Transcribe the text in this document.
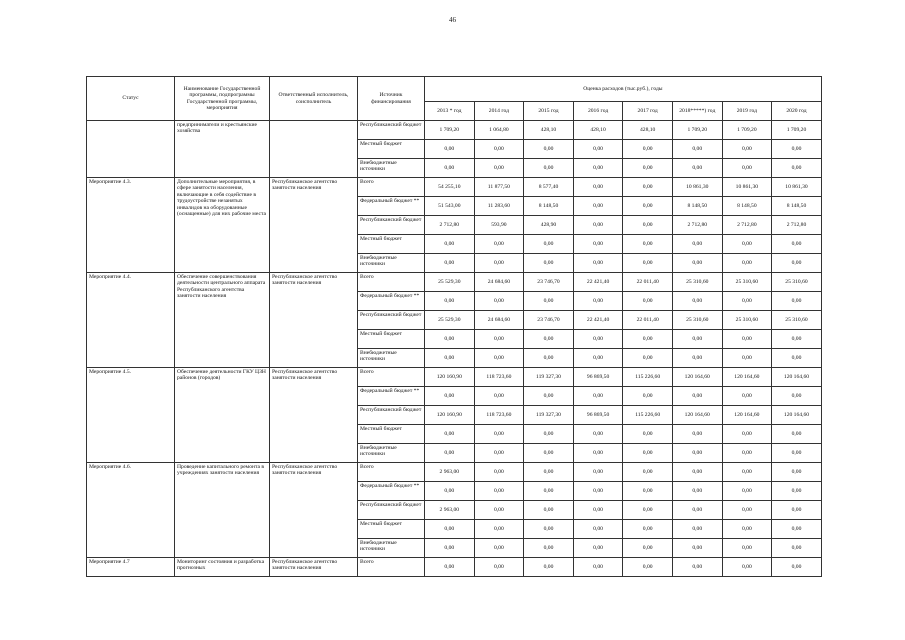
46
Статус	Наименование Государственной программы, подпрограммы Государственной программы, мероприятия	Ответственный исполнитель, соисполнитель	Источник финансирования	Оценка расходов (тыс.руб.), годы							
				2013 * год	2014 год	2015 год	2016 год	2017 год	2018*****) год	2019 год	2020 год
	предприниматели и крестьянские хозяйства		Республиканский бюджет	1 709,20	1 064,80	428,10	428,10	428,10	1 709,20	1 709,20	1 709,20
			Местный бюджет	0,00	0,00	0,00	0,00	0,00	0,00	0,00	0,00
			Внебюджетные источники	0,00	0,00	0,00	0,00	0,00	0,00	0,00	0,00
Мероприятие 4.3.	Дополнительные мероприятия, в сфере занятости населения, включающие в себя содействие в трудоустройстве незанятых инвалидов на оборудованные (оснащенные) для них рабочие места	Республиканское агентство занятости населения	Всего	54 255,10	11 877,50	8 577,40	0,00	0,00	10 861,30	10 861,30	10 861,30
			Федеральный бюджет **	51 543,00	11 283,60	8 148,50	0,00	0,00	8 148,50	8 148,50	8 148,50
			Республиканский бюджет	2 712,80	593,90	428,90	0,00	0,00	2 712,80	2 712,80	2 712,80
			Местный бюджет	0,00	0,00	0,00	0,00	0,00	0,00	0,00	0,00
			Внебюджетные источники	0,00	0,00	0,00	0,00	0,00	0,00	0,00	0,00
Мероприятие 4.4.	Обеспечение совершенствования деятельности центрального аппарата Республиканского агентства занятости населения	Республиканское агентство занятости населения	Всего	25 529,30	24 684,60	23 746,70	22 421,40	22 011,40	25 310,60	25 310,60	25 310,60
			Федеральный бюджет **	0,00	0,00	0,00	0,00	0,00	0,00	0,00	0,00
			Республиканский бюджет	25 529,30	24 684,60	23 746,70	22 421,40	22 011,40	25 310,60	25 310,60	25 310,60
			Местный бюджет	0,00	0,00	0,00	0,00	0,00	0,00	0,00	0,00
			Внебюджетные источники	0,00	0,00	0,00	0,00	0,00	0,00	0,00	0,00
Мероприятие 4.5.	Обеспечение деятельности ГКУ ЦЗН районов (городов)	Республиканское агентство занятости населения	Всего	120 160,90	118 723,60	119 327,30	96 869,50	115 226,60	120 164,60	120 164,60	120 164,60
			Федеральный бюджет **	0,00	0,00	0,00	0,00	0,00	0,00	0,00	0,00
			Республиканский бюджет	120 160,90	118 723,60	119 327,30	96 869,50	115 226,60	120 164,60	120 164,60	120 164,60
			Местный бюджет	0,00	0,00	0,00	0,00	0,00	0,00	0,00	0,00
			Внебюджетные источники	0,00	0,00	0,00	0,00	0,00	0,00	0,00	0,00
Мероприятие 4.6.	Проведение капитального ремонта в учреждениях занятости населения	Республиканское агентство занятости населения	Всего	2 963,00	0,00	0,00	0,00	0,00	0,00	0,00	0,00
			Федеральный бюджет **	0,00	0,00	0,00	0,00	0,00	0,00	0,00	0,00
			Республиканский бюджет	2 963,00	0,00	0,00	0,00	0,00	0,00	0,00	0,00
			Местный бюджет	0,00	0,00	0,00	0,00	0,00	0,00	0,00	0,00
			Внебюджетные источники	0,00	0,00	0,00	0,00	0,00	0,00	0,00	0,00
Мероприятие 4.7	Мониторинг состояния и разработка прогнозных	Республиканское агентство занятости населения	Всего	0,00	0,00	0,00	0,00	0,00	0,00	0,00	0,00
